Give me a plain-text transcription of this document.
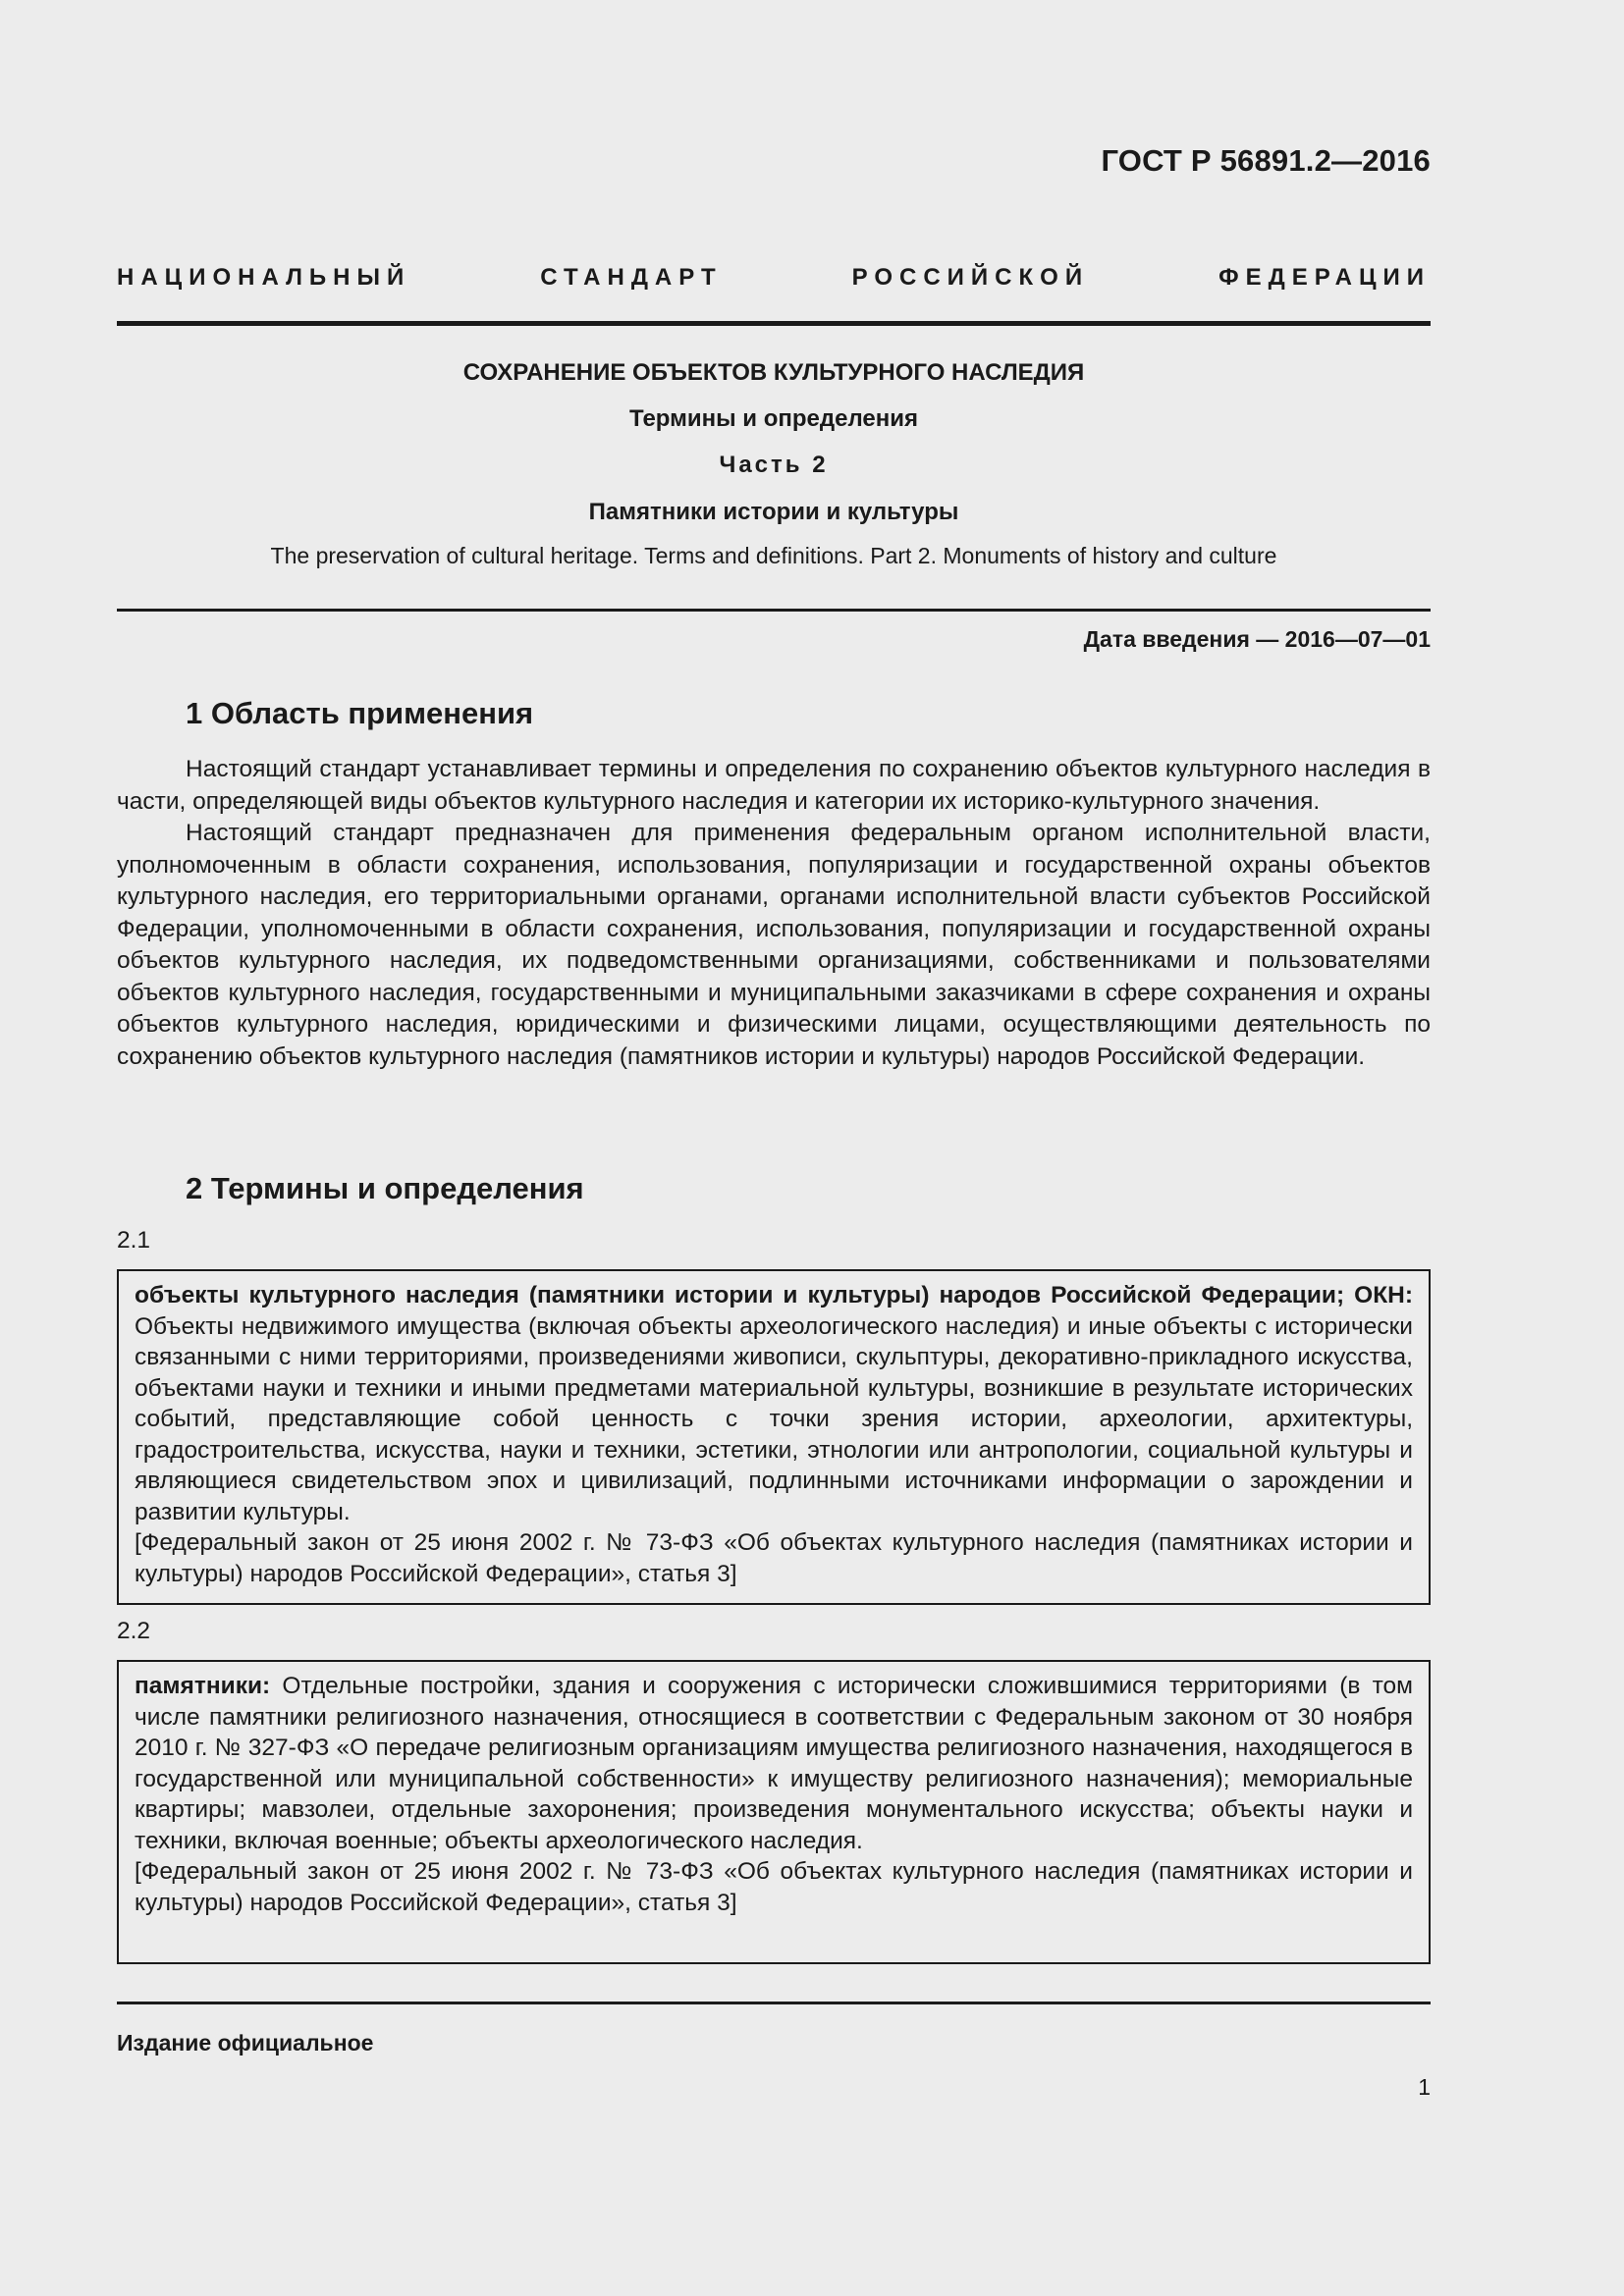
ГОСТ Р 56891.2—2016
НАЦИОНАЛЬНЫЙ СТАНДАРТ РОССИЙСКОЙ ФЕДЕРАЦИИ
СОХРАНЕНИЕ ОБЪЕКТОВ КУЛЬТУРНОГО НАСЛЕДИЯ
Термины и определения
Часть 2
Памятники истории и культуры
The preservation of cultural heritage. Terms and definitions. Part 2. Monuments of history and culture
Дата введения — 2016—07—01
1 Область применения

Настоящий стандарт устанавливает термины и определения по сохранению объектов культурного наследия в части, определяющей виды объектов культурного наследия и категории их историко-культурного значения.

Настоящий стандарт предназначен для применения федеральным органом исполнительной власти, уполномоченным в области сохранения, использования, популяризации и государственной охраны объектов культурного наследия, его территориальными органами, органами исполнительной власти субъектов Российской Федерации, уполномоченными в области сохранения, использования, популяризации и государственной охраны объектов культурного наследия, их подведомственными организациями, собственниками и пользователями объектов культурного наследия, государственными и муниципальными заказчиками в сфере сохранения и охраны объектов культурного наследия, юридическими и физическими лицами, осуществляющими деятельность по сохранению объектов культурного наследия (памятников истории и культуры) народов Российской Федерации.

2 Термины и определения
2.1

объекты культурного наследия (памятники истории и культуры) народов Российской Федерации; ОКН: Объекты недвижимого имущества (включая объекты археологического наследия) и иные объекты с исторически связанными с ними территориями, произведениями живописи, скульптуры, декоративно-прикладного искусства, объектами науки и техники и иными предметами материальной культуры, возникшие в результате исторических событий, представляющие собой ценность с точки зрения истории, археологии, архитектуры, градостроительства, искусства, науки и техники, эстетики, этнологии или антропологии, социальной культуры и являющиеся свидетельством эпох и цивилизаций, подлинными источниками информации о зарождении и развитии культуры.

[Федеральный закон от 25 июня 2002 г. № 73-ФЗ «Об объектах культурного наследия (памятниках истории и культуры) народов Российской Федерации», статья 3]

2.2

памятники: Отдельные постройки, здания и сооружения с исторически сложившимися территориями (в том числе памятники религиозного назначения, относящиеся в соответствии с Федеральным законом от 30 ноября 2010 г. № 327-ФЗ «О передаче религиозным организациям имущества религиозного назначения, находящегося в государственной или муниципальной собственности» к имуществу религиозного назначения); мемориальные квартиры; мавзолеи, отдельные захоронения; произведения монументального искусства; объекты науки и техники, включая военные; объекты археологического наследия.

[Федеральный закон от 25 июня 2002 г. № 73-ФЗ «Об объектах культурного наследия (памятниках истории и культуры) народов Российской Федерации», статья 3]

Издание официальное
1
